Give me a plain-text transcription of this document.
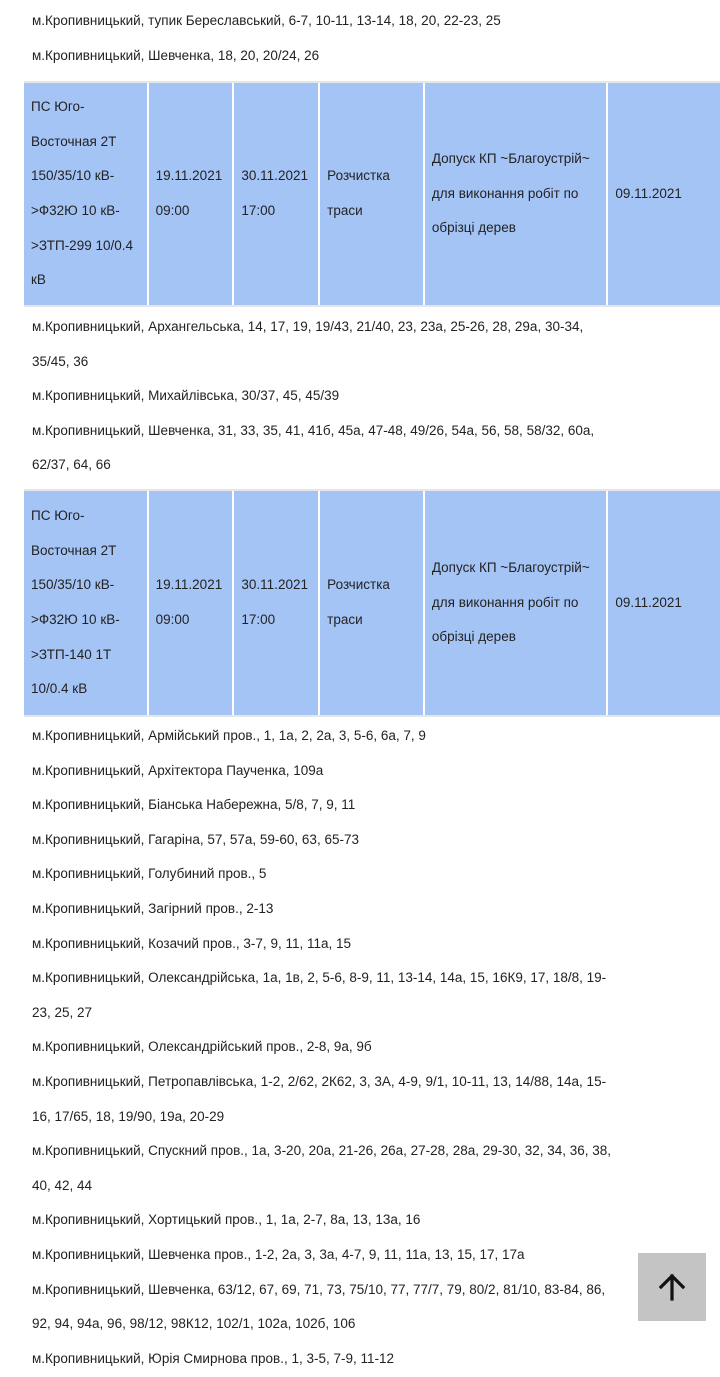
м.Кропивницький, тупик Береславський, 6-7, 10-11, 13-14, 18, 20, 22-23, 25
м.Кропивницький, Шевченка, 18, 20, 20/24, 26
ПС Юго-Восточная 2Т 150/35/10 кВ->Ф32Ю 10 кВ->ЗТП-299 10/0.4 кВ
19.11.2021 09:00
30.11.2021 17:00
Розчистка траси
Допуск КП ~Благоустрій~ для виконання робіт по обрізці дерев
09.11.2021
м.Кропивницький, Архангельська, 14, 17, 19, 19/43, 21/40, 23, 23а, 25-26, 28, 29а, 30-34, 35/45, 36
м.Кропивницький, Михайлівська, 30/37, 45, 45/39
м.Кропивницький, Шевченка, 31, 33, 35, 41, 41б, 45а, 47-48, 49/26, 54а, 56, 58, 58/32, 60а, 62/37, 64, 66
ПС Юго-Восточная 2Т 150/35/10 кВ->Ф32Ю 10 кВ->ЗТП-140 1Т 10/0.4 кВ
19.11.2021 09:00
30.11.2021 17:00
Розчистка траси
Допуск КП ~Благоустрій~ для виконання робіт по обрізці дерев
09.11.2021
м.Кропивницький, Армійський пров., 1, 1а, 2, 2а, 3, 5-6, 6а, 7, 9
м.Кропивницький, Архітектора Паученка, 109а
м.Кропивницький, Біанська Набережна, 5/8, 7, 9, 11
м.Кропивницький, Гагаріна, 57, 57а, 59-60, 63, 65-73
м.Кропивницький, Голубиний пров., 5
м.Кропивницький, Загірний пров., 2-13
м.Кропивницький, Козачий пров., 3-7, 9, 11, 11а, 15
м.Кропивницький, Олександрійська, 1а, 1в, 2, 5-6, 8-9, 11, 13-14, 14а, 15, 16К9, 17, 18/8, 19-23, 25, 27
м.Кропивницький, Олександрійський пров., 2-8, 9а, 9б
м.Кропивницький, Петропавлівська, 1-2, 2/62, 2К62, 3, 3А, 4-9, 9/1, 10-11, 13, 14/88, 14а, 15-16, 17/65, 18, 19/90, 19а, 20-29
м.Кропивницький, Спускний пров., 1а, 3-20, 20а, 21-26, 26а, 27-28, 28а, 29-30, 32, 34, 36, 38, 40, 42, 44
м.Кропивницький, Хортицький пров., 1, 1а, 2-7, 8а, 13, 13а, 16
м.Кропивницький, Шевченка пров., 1-2, 2а, 3, 3а, 4-7, 9, 11, 11а, 13, 15, 17, 17а
м.Кропивницький, Шевченка, 63/12, 67, 69, 71, 73, 75/10, 77, 77/7, 79, 80/2, 81/10, 83-84, 86, 92, 94, 94а, 96, 98/12, 98К12, 102/1, 102а, 102б, 106
м.Кропивницький, Юрія Смирнова пров., 1, 3-5, 7-9, 11-12
